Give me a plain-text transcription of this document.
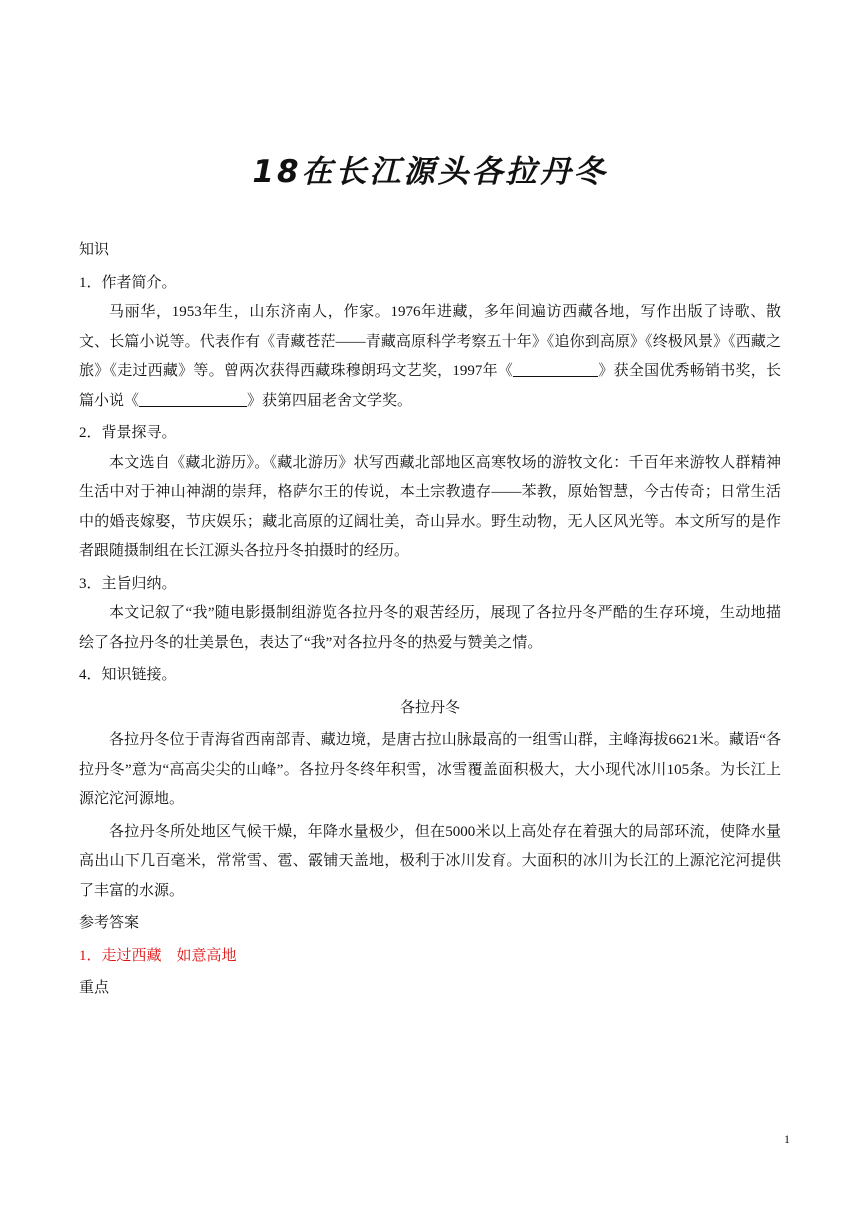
18在长江源头各拉丹冬

知识

1．作者简介。

马丽华，1953年生，山东济南人，作家。1976年进藏，多年间遍访西藏各地，写作出版了诗歌、散文、长篇小说等。代表作有《青藏苍茫——青藏高原科学考察五十年》《追你到高原》《终极风景》《西藏之旅》《走过西藏》等。曾两次获得西藏珠穆朗玛文艺奖，1997年《	》获全国优秀畅销书奖，长篇小说《	》获第四届老舍文学奖。

2．背景探寻。

本文选自《藏北游历》。《藏北游历》状写西藏北部地区高寒牧场的游牧文化：千百年来游牧人群精神生活中对于神山神湖的崇拜，格萨尔王的传说，本土宗教遗存——苯教，原始智慧，今古传奇；日常生活中的婚丧嫁娶，节庆娱乐；藏北高原的辽阔壮美，奇山异水。野生动物，无人区风光等。本文所写的是作者跟随摄制组在长江源头各拉丹冬拍摄时的经历。

3．主旨归纳。

本文记叙了“我”随电影摄制组游览各拉丹冬的艰苦经历，展现了各拉丹冬严酷的生存环境，生动地描绘了各拉丹冬的壮美景色，表达了“我”对各拉丹冬的热爱与赞美之情。

4．知识链接。

各拉丹冬

各拉丹冬位于青海省西南部青、藏边境，是唐古拉山脉最高的一组雪山群，主峰海拔6621米。藏语“各拉丹冬”意为“高高尖尖的山峰”。各拉丹冬终年积雪，冰雪覆盖面积极大，大小现代冰川105条。为长江上源沱沱河源地。

各拉丹冬所处地区气候干燥，年降水量极少，但在5000米以上高处存在着强大的局部环流，使降水量高出山下几百毫米，常常雪、雹、霰铺天盖地，极利于冰川发育。大面积的冰川为长江的上源沱沱河提供了丰富的水源。

参考答案

1．走过西藏　如意高地

重点

1
